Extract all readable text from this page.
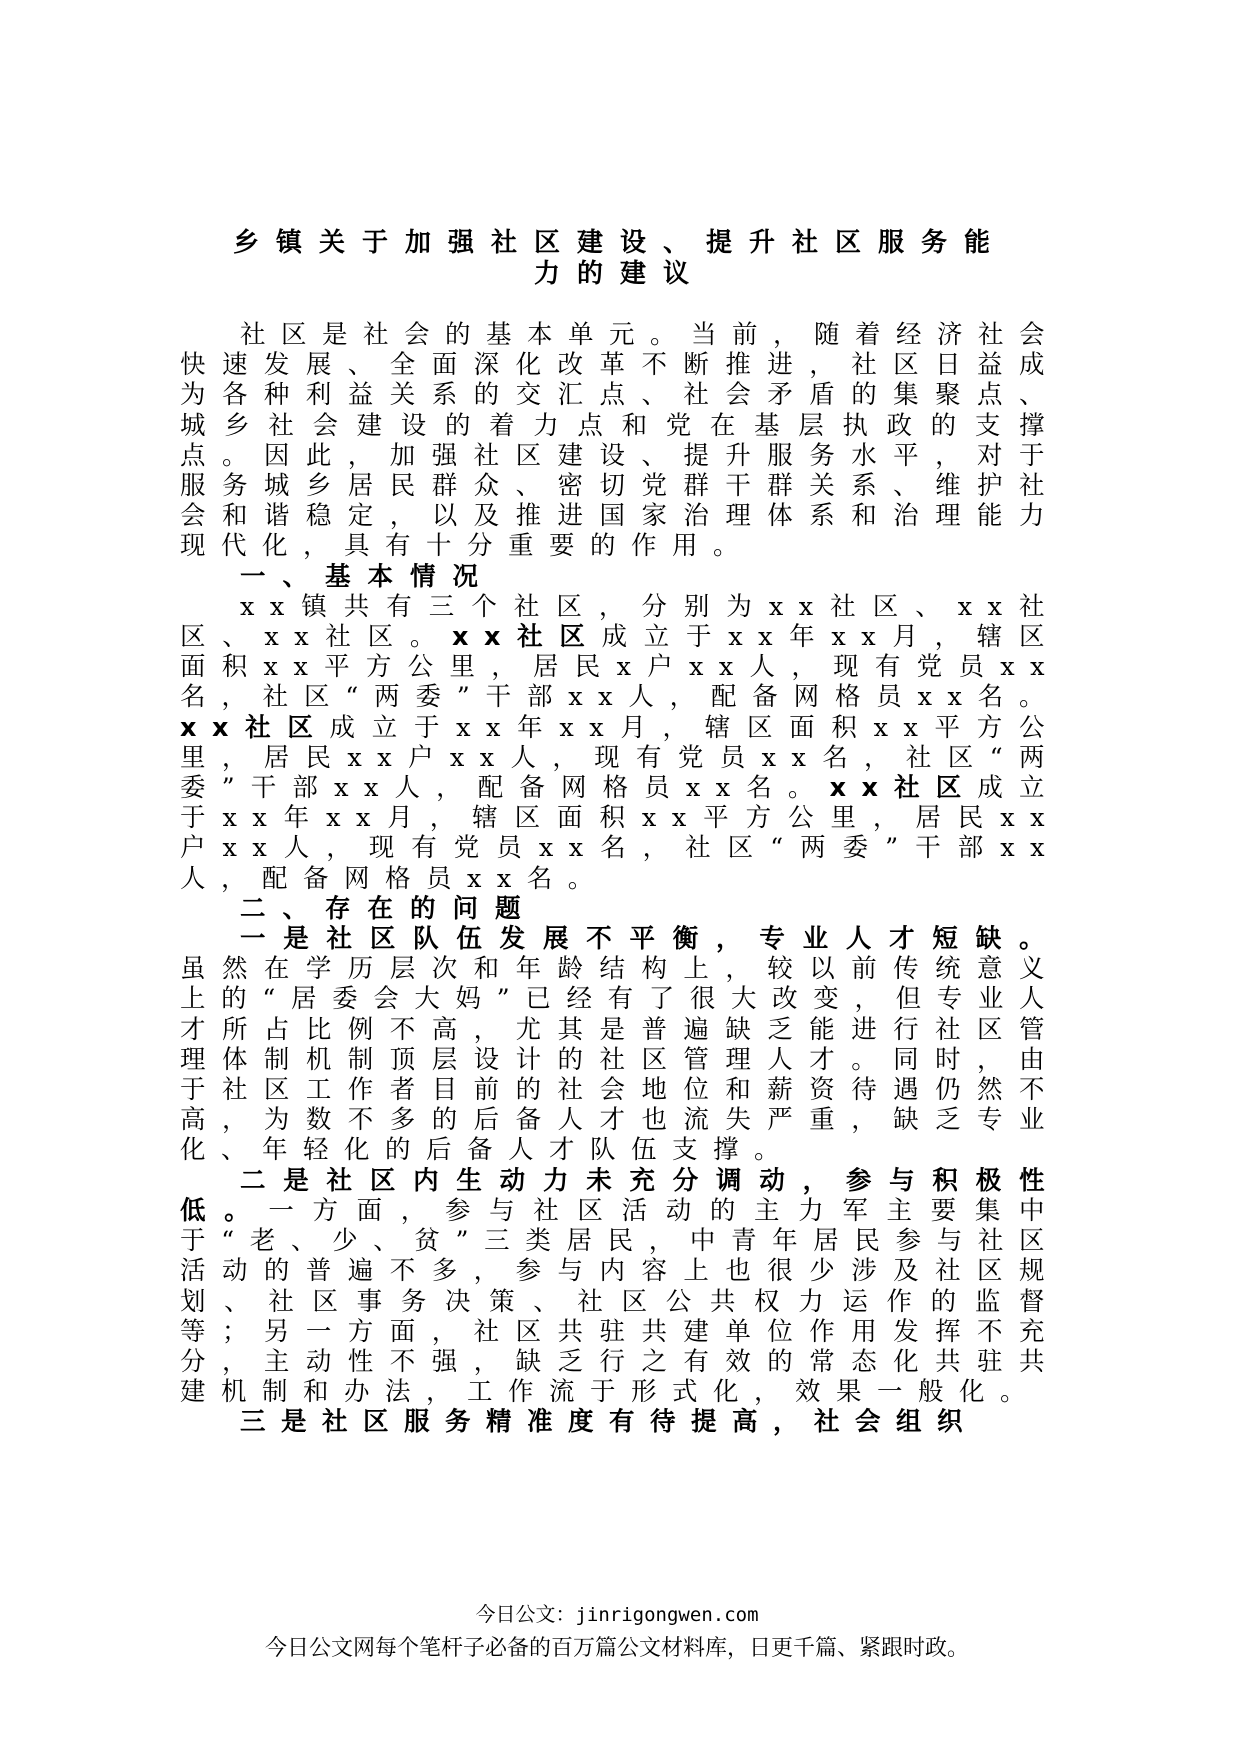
乡镇关于加强社区建设、提升社区服务能
力的建议

社区是社会的基本单元。当前，随着经济社会快速发展、全面深化改革不断推进，社区日益成为各种利益关系的交汇点、社会矛盾的集聚点、城乡社会建设的着力点和党在基层执政的支撑点。因此，加强社区建设、提升服务水平，对于服务城乡居民群众、密切党群干群关系、维护社会和谐稳定，以及推进国家治理体系和治理能力现代化，具有十分重要的作用。

一、基本情况

xx镇共有三个社区，分别为xx社区、xx社区、xx社区。xx社区成立于xx年xx月，辖区面积xx平方公里，居民x户xx人，现有党员xx名，社区“两委”干部xx人，配备网格员xx名。xx社区成立于xx年xx月，辖区面积xx平方公里，居民xx户xx人，现有党员xx名，社区“两委”干部xx人，配备网格员xx名。xx社区成立于xx年xx月，辖区面积xx平方公里，居民xx户xx人，现有党员xx名，社区“两委”干部xx人，配备网格员xx名。

二、存在的问题

一是社区队伍发展不平衡，专业人才短缺。虽然在学历层次和年龄结构上，较以前传统意义上的“居委会大妈”已经有了很大改变，但专业人才所占比例不高，尤其是普遍缺乏能进行社区管理体制机制顶层设计的社区管理人才。同时，由于社区工作者目前的社会地位和薪资待遇仍然不高，为数不多的后备人才也流失严重，缺乏专业化、年轻化的后备人才队伍支撑。

二是社区内生动力未充分调动，参与积极性低。一方面，参与社区活动的主力军主要集中于“老、少、贫”三类居民，中青年居民参与社区活动的普遍不多，参与内容上也很少涉及社区规划、社区事务决策、社区公共权力运作的监督等；另一方面，社区共驻共建单位作用发挥不充分，主动性不强，缺乏行之有效的常态化共驻共建机制和办法，工作流于形式化，效果一般化。

三是社区服务精准度有待提高，社会组织

今日公文：jinrigongwen.com
今日公文网每个笔杆子必备的百万篇公文材料库，日更千篇、紧跟时政。
